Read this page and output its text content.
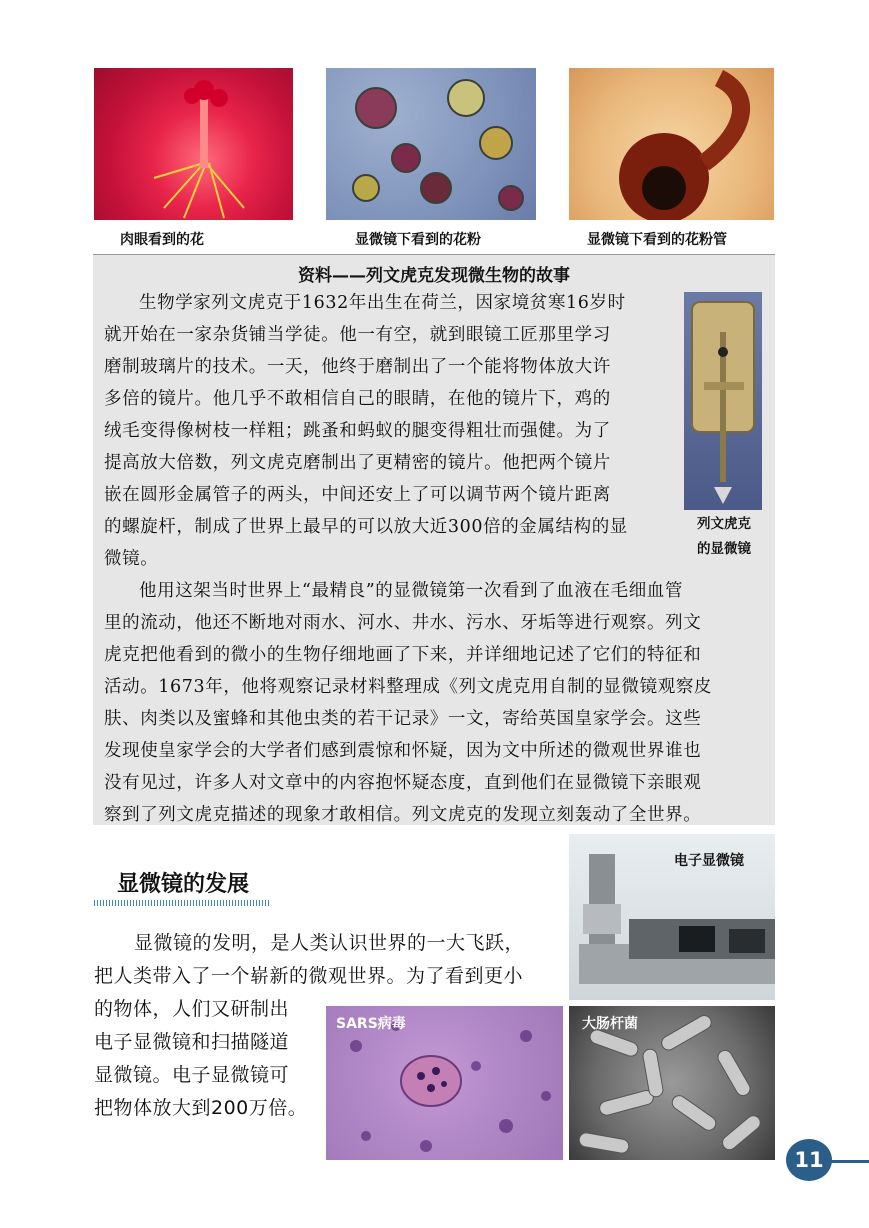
肉眼看到的花	显微镜下看到的花粉	显微镜下看到的花粉管
资料——列文虎克发现微生物的故事
生物学家列文虎克于1632年出生在荷兰，因家境贫寒16岁时
就开始在一家杂货铺当学徒。他一有空，就到眼镜工匠那里学习
磨制玻璃片的技术。一天，他终于磨制出了一个能将物体放大许
多倍的镜片。他几乎不敢相信自己的眼睛，在他的镜片下，鸡的
绒毛变得像树枝一样粗；跳蚤和蚂蚁的腿变得粗壮而强健。为了
提高放大倍数，列文虎克磨制出了更精密的镜片。他把两个镜片
嵌在圆形金属管子的两头，中间还安上了可以调节两个镜片距离
的螺旋杆，制成了世界上最早的可以放大近300倍的金属结构的显
微镜。
列文虎克
的显微镜
他用这架当时世界上“最精良”的显微镜第一次看到了血液在毛细血管
里的流动，他还不断地对雨水、河水、井水、污水、牙垢等进行观察。列文
虎克把他看到的微小的生物仔细地画了下来，并详细地记述了它们的特征和
活动。1673年，他将观察记录材料整理成《列文虎克用自制的显微镜观察皮
肤、肉类以及蜜蜂和其他虫类的若干记录》一文，寄给英国皇家学会。这些
发现使皇家学会的大学者们感到震惊和怀疑，因为文中所述的微观世界谁也
没有见过，许多人对文章中的内容抱怀疑态度，直到他们在显微镜下亲眼观
察到了列文虎克描述的现象才敢相信。列文虎克的发现立刻轰动了全世界。
显微镜的发展
电子显微镜
SARS病毒	大肠杆菌
显微镜的发明，是人类认识世界的一大飞跃，
把人类带入了一个崭新的微观世界。为了看到更小
的物体，人们又研制出
电子显微镜和扫描隧道
显微镜。电子显微镜可
把物体放大到200万倍。
11
